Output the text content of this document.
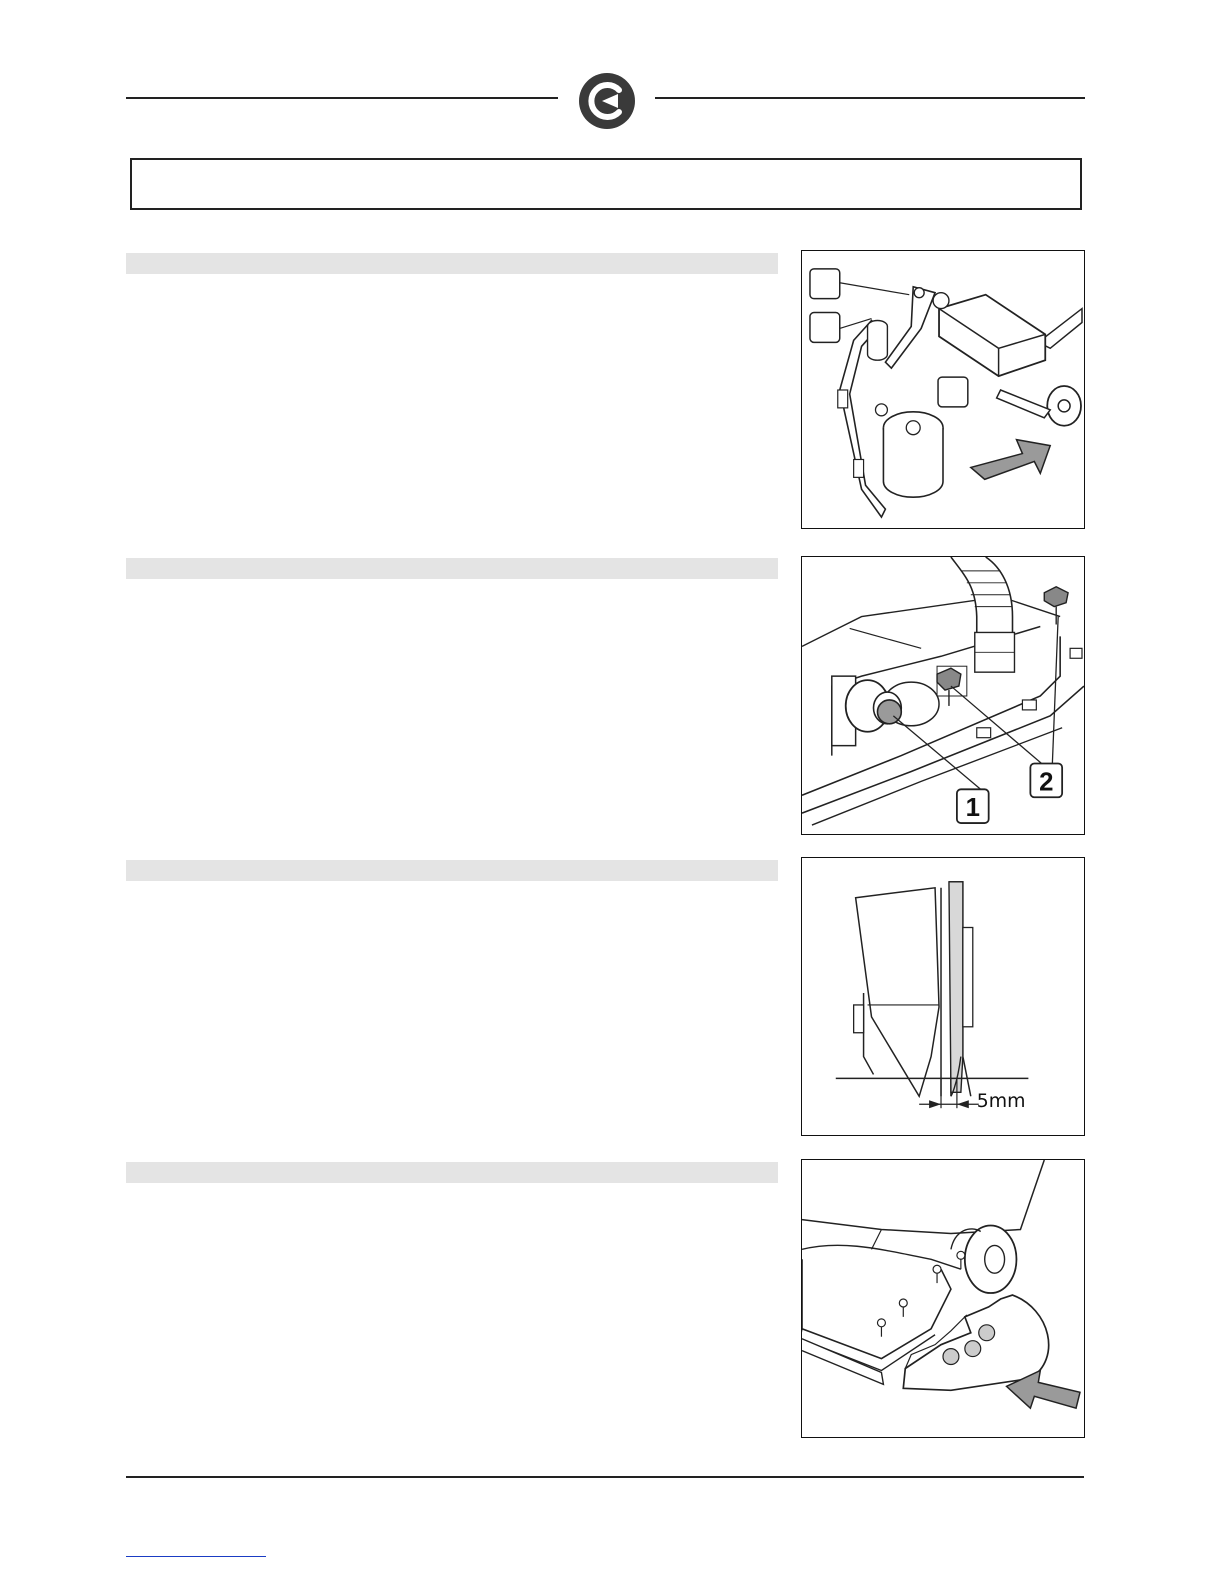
1
2
5mm
